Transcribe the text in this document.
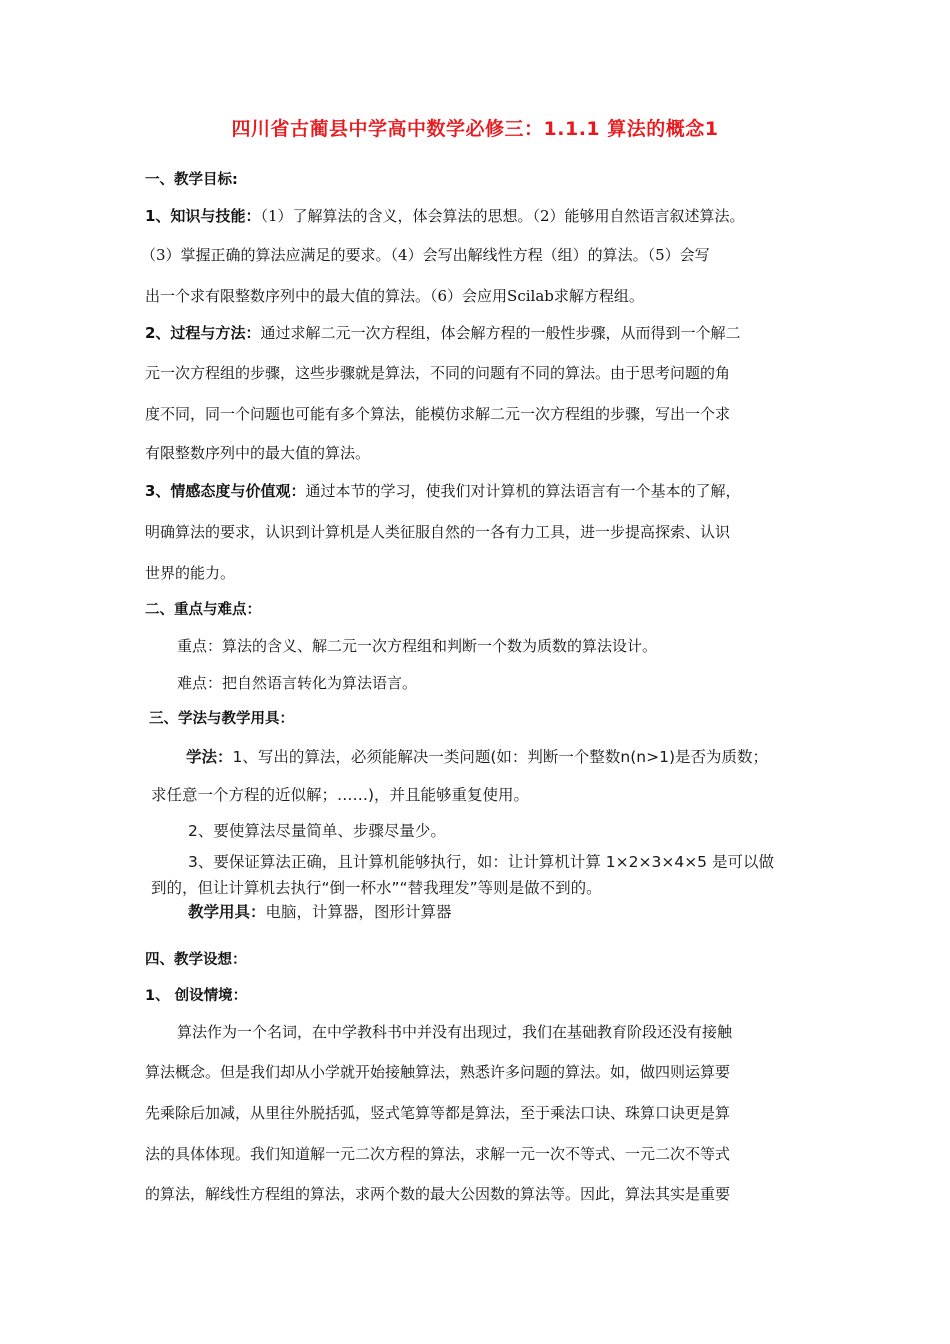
四川省古蔺县中学高中数学必修三：1.1.1 算法的概念1
一、教学目标:
1、知识与技能：（1）了解算法的含义，体会算法的思想。（2）能够用自然语言叙述算法。
（3）掌握正确的算法应满足的要求。（4）会写出解线性方程（组）的算法。（5）会写
出一个求有限整数序列中的最大值的算法。（6）会应用Scilab求解方程组。
2、过程与方法：通过求解二元一次方程组，体会解方程的一般性步骤，从而得到一个解二
元一次方程组的步骤，这些步骤就是算法，不同的问题有不同的算法。由于思考问题的角
度不同，同一个问题也可能有多个算法，能模仿求解二元一次方程组的步骤，写出一个求
有限整数序列中的最大值的算法。
3、情感态度与价值观：通过本节的学习，使我们对计算机的算法语言有一个基本的了解，
明确算法的要求，认识到计算机是人类征服自然的一各有力工具，进一步提高探索、认识
世界的能力。
二、重点与难点：
重点：算法的含义、解二元一次方程组和判断一个数为质数的算法设计。
难点：把自然语言转化为算法语言。
三、学法与教学用具：
学法：1、写出的算法，必须能解决一类问题(如：判断一个整数n(n>1)是否为质数；
求任意一个方程的近似解；……)，并且能够重复使用。
2、要使算法尽量简单、步骤尽量少。
3、要保证算法正确，且计算机能够执行，如：让计算机计算 1×2×3×4×5 是可以做
到的，但让计算机去执行“倒一杯水”“替我理发”等则是做不到的。
教学用具：电脑，计算器，图形计算器
四、教学设想：
1、 创设情境：
算法作为一个名词，在中学教科书中并没有出现过，我们在基础教育阶段还没有接触
算法概念。但是我们却从小学就开始接触算法，熟悉许多问题的算法。如，做四则运算要
先乘除后加减，从里往外脱括弧，竖式笔算等都是算法，至于乘法口诀、珠算口诀更是算
法的具体体现。我们知道解一元二次方程的算法，求解一元一次不等式、一元二次不等式
的算法，解线性方程组的算法，求两个数的最大公因数的算法等。因此，算法其实是重要
